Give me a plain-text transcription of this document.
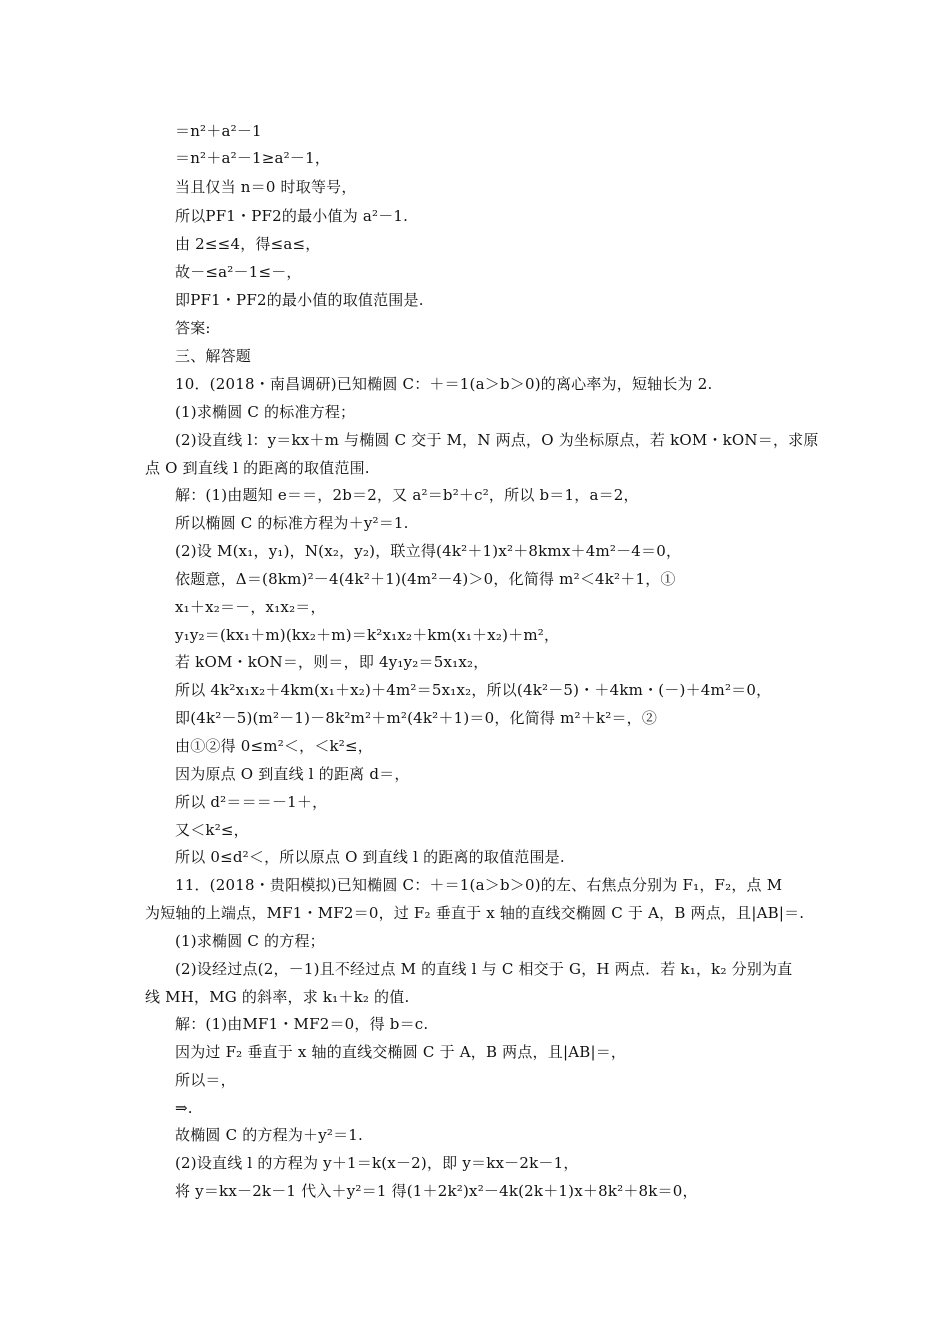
＝n²＋a²－1
＝n²＋a²－1≥a²－1，
当且仅当 n＝0 时取等号，
所以PF1・PF2的最小值为 a²－1.
由 2≤≤4，得≤a≤，
故－≤a²－1≤－，
即PF1・PF2的最小值的取值范围是.
答案:
三、解答题
10．(2018・南昌调研)已知椭圆 C：＋＝1(a＞b＞0)的离心率为，短轴长为 2.
(1)求椭圆 C 的标准方程；
(2)设直线 l：y＝kx＋m 与椭圆 C 交于 M，N 两点，O 为坐标原点，若 kOM・kON＝，求原
点 O 到直线 l 的距离的取值范围.
解：(1)由题知 e＝＝，2b＝2，又 a²＝b²＋c²，所以 b＝1，a＝2，
所以椭圆 C 的标准方程为＋y²＝1.
(2)设 M(x₁，y₁)，N(x₂，y₂)，联立得(4k²＋1)x²＋8kmx＋4m²－4＝0，
依题意，Δ＝(8km)²－4(4k²＋1)(4m²－4)＞0，化简得 m²＜4k²＋1，①
x₁＋x₂＝－，x₁x₂＝，
y₁y₂＝(kx₁＋m)(kx₂＋m)＝k²x₁x₂＋km(x₁＋x₂)＋m²，
若 kOM・kON＝，则＝，即 4y₁y₂＝5x₁x₂，
所以 4k²x₁x₂＋4km(x₁＋x₂)＋4m²＝5x₁x₂，所以(4k²－5)・＋4km・(－)＋4m²＝0，
即(4k²－5)(m²－1)－8k²m²＋m²(4k²＋1)＝0，化简得 m²＋k²＝，②
由①②得 0≤m²＜，＜k²≤，
因为原点 O 到直线 l 的距离 d＝，
所以 d²＝＝＝－1＋，
又＜k²≤，
所以 0≤d²＜，所以原点 O 到直线 l 的距离的取值范围是.
11．(2018・贵阳模拟)已知椭圆 C：＋＝1(a＞b＞0)的左、右焦点分别为 F₁，F₂，点 M
为短轴的上端点，MF1・MF2＝0，过 F₂ 垂直于 x 轴的直线交椭圆 C 于 A，B 两点，且|AB|＝.
(1)求椭圆 C 的方程；
(2)设经过点(2，－1)且不经过点 M 的直线 l 与 C 相交于 G，H 两点．若 k₁，k₂ 分别为直
线 MH，MG 的斜率，求 k₁＋k₂ 的值.
解：(1)由MF1・MF2＝0，得 b＝c.
因为过 F₂ 垂直于 x 轴的直线交椭圆 C 于 A，B 两点，且|AB|＝，
所以＝，
⇒.
故椭圆 C 的方程为＋y²＝1.
(2)设直线 l 的方程为 y＋1＝k(x－2)，即 y＝kx－2k－1，
将 y＝kx－2k－1 代入＋y²＝1 得(1＋2k²)x²－4k(2k＋1)x＋8k²＋8k＝0，
